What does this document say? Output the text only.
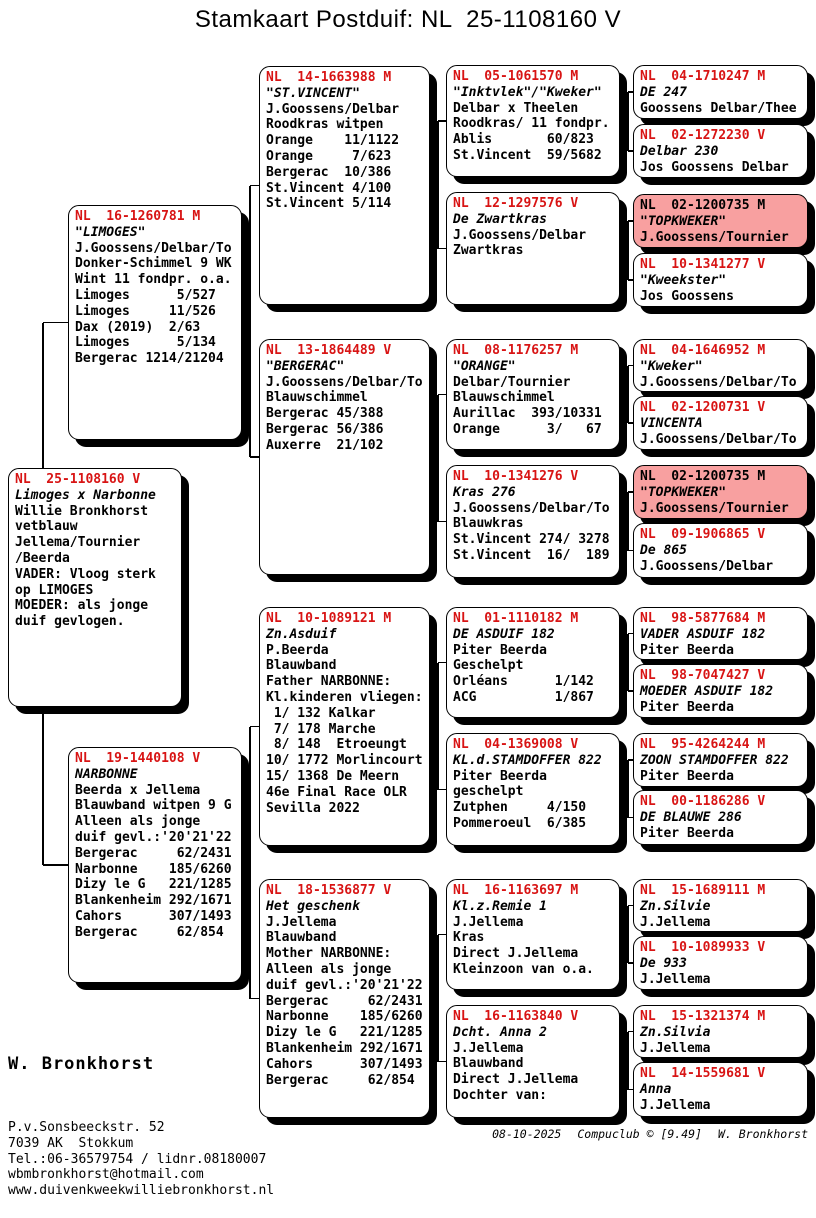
Stamkaart Postduif: NL  25-1108160 V
NL  25-1108160 V
Limoges x Narbonne
Willie Bronkhorst
vetblauw
Jellema/Tournier
/Beerda
VADER: Vloog sterk
op LIMOGES
MOEDER: als jonge
duif gevlogen.
NL  16-1260781 M
"LIMOGES"
J.Goossens/Delbar/To
Donker-Schimmel 9 WK
Wint 11 fondpr. o.a.
Limoges      5/527
Limoges     11/526
Dax (2019)  2/63
Limoges      5/134
Bergerac 1214/21204
NL  19-1440108 V
NARBONNE
Beerda x Jellema
Blauwband witpen 9 G
Alleen als jonge
duif gevl.:'20'21'22
Bergerac     62/2431
Narbonne    185/6260
Dizy le G   221/1285
Blankenheim 292/1671
Cahors      307/1493
Bergerac     62/854
NL  14-1663988 M
"ST.VINCENT"
J.Goossens/Delbar
Roodkras witpen
Orange    11/1122
Orange     7/623
Bergerac  10/386
St.Vincent 4/100
St.Vincent 5/114
NL  13-1864489 V
"BERGERAC"
J.Goossens/Delbar/To
Blauwschimmel
Bergerac 45/388
Bergerac 56/386
Auxerre  21/102
NL  10-1089121 M
Zn.Asduif
P.Beerda
Blauwband
Father NARBONNE:
Kl.kinderen vliegen:
1/ 132 Kalkar
7/ 178 Marche
8/ 148  Etroeungt
10/ 1772 Morlincourt
15/ 1368 De Meern
46e Final Race OLR
Sevilla 2022
NL  18-1536877 V
Het geschenk
J.Jellema
Blauwband
Mother NARBONNE:
Alleen als jonge
duif gevl.:'20'21'22
Bergerac     62/2431
Narbonne    185/6260
Dizy le G   221/1285
Blankenheim 292/1671
Cahors      307/1493
Bergerac     62/854
NL  05-1061570 M
"Inktvlek"/"Kweker"
Delbar x Theelen
Roodkras/ 11 fondpr.
Ablis       60/823
St.Vincent  59/5682
NL  12-1297576 V
De Zwartkras
J.Goossens/Delbar
Zwartkras
NL  08-1176257 M
"ORANGE"
Delbar/Tournier
Blauwschimmel
Aurillac  393/10331
Orange      3/   67
NL  10-1341276 V
Kras 276
J.Goossens/Delbar/To
Blauwkras
St.Vincent 274/ 3278
St.Vincent  16/  189
NL  01-1110182 M
DE ASDUIF 182
Piter Beerda
Geschelpt
Orléans      1/142
ACG          1/867
NL  04-1369008 V
KL.d.STAMDOFFER 822
Piter Beerda
geschelpt
Zutphen     4/150
Pommeroeul  6/385
NL  16-1163697 M
Kl.z.Remie 1
J.Jellema
Kras
Direct J.Jellema
Kleinzoon van o.a.
NL  16-1163840 V
Dcht. Anna 2
J.Jellema
Blauwband
Direct J.Jellema
Dochter van:
NL  04-1710247 M
DE 247
Goossens Delbar/Thee
NL  02-1272230 V
Delbar 230
Jos Goossens Delbar
NL  02-1200735 M
"TOPKWEKER"
J.Goossens/Tournier
NL  10-1341277 V
"Kweekster"
Jos Goossens
NL  04-1646952 M
"Kweker"
J.Goossens/Delbar/To
NL  02-1200731 V
VINCENTA
J.Goossens/Delbar/To
NL  02-1200735 M
"TOPKWEKER"
J.Goossens/Tournier
NL  09-1906865 V
De 865
J.Goossens/Delbar
NL  98-5877684 M
VADER ASDUIF 182
Piter Beerda
NL  98-7047427 V
MOEDER ASDUIF 182
Piter Beerda
NL  95-4264244 M
ZOON STAMDOFFER 822
Piter Beerda
NL  00-1186286 V
DE BLAUWE 286
Piter Beerda
NL  15-1689111 M
Zn.Silvie
J.Jellema
NL  10-1089933 V
De 933
J.Jellema
NL  15-1321374 M
Zn.Silvia
J.Jellema
NL  14-1559681 V
Anna
J.Jellema

W. Bronkhorst

P.v.Sonsbeeckstr. 52
7039 AK  Stokkum
Tel.:06-36579754 / lidnr.08180007
wbmbronkhorst@hotmail.com
www.duivenkweekwilliebronkhorst.nl

08-10-2025 Compuclub © [9.49] W. Bronkhorst
